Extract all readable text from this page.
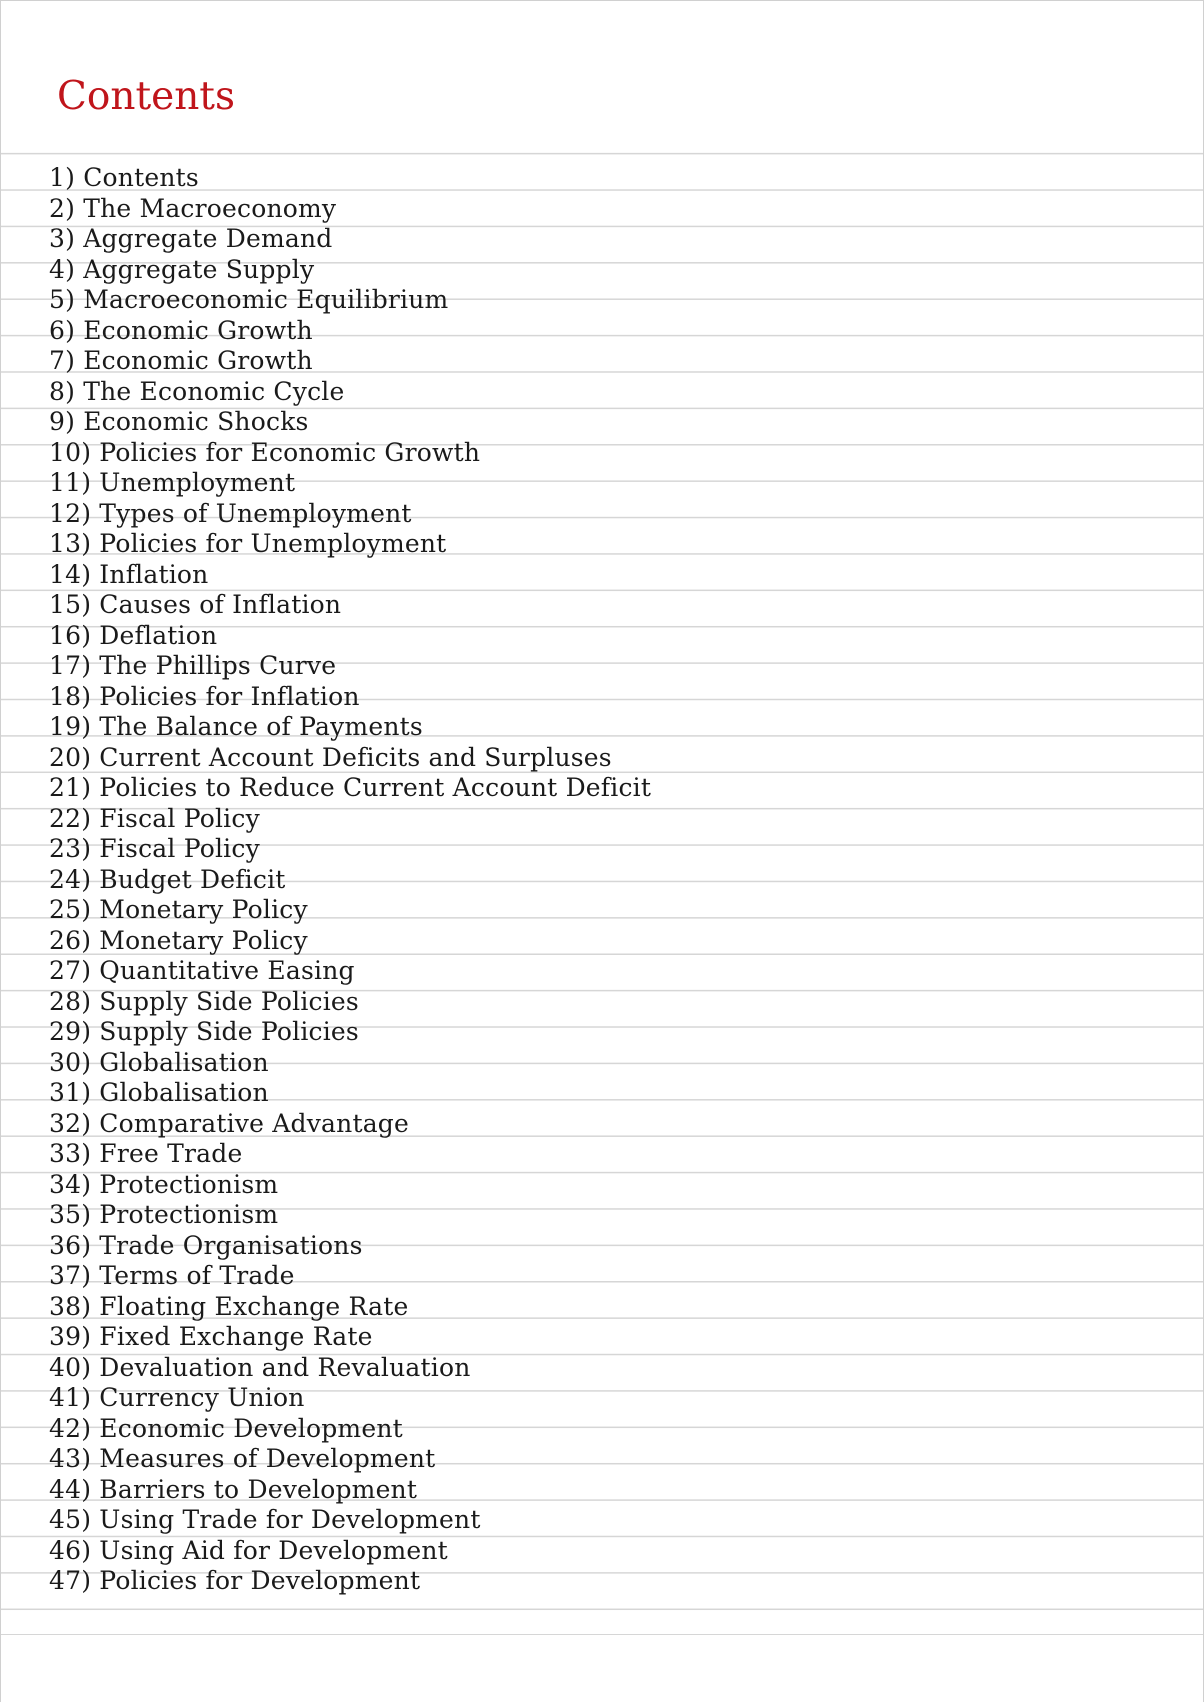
Contents
1) Contents
2) The Macroeconomy
3) Aggregate Demand
4) Aggregate Supply
5) Macroeconomic Equilibrium
6) Economic Growth
7) Economic Growth
8) The Economic Cycle
9) Economic Shocks
10) Policies for Economic Growth
11) Unemployment
12) Types of Unemployment
13) Policies for Unemployment
14) Inflation
15) Causes of Inflation
16) Deflation
17) The Phillips Curve
18) Policies for Inflation
19) The Balance of Payments
20) Current Account Deficits and Surpluses
21) Policies to Reduce Current Account Deficit
22) Fiscal Policy
23) Fiscal Policy
24) Budget Deficit
25) Monetary Policy
26) Monetary Policy
27) Quantitative Easing
28) Supply Side Policies
29) Supply Side Policies
30) Globalisation
31) Globalisation
32) Comparative Advantage
33) Free Trade
34) Protectionism
35) Protectionism
36) Trade Organisations
37) Terms of Trade
38) Floating Exchange Rate
39) Fixed Exchange Rate
40) Devaluation and Revaluation
41) Currency Union
42) Economic Development
43) Measures of Development
44) Barriers to Development
45) Using Trade for Development
46) Using Aid for Development
47) Policies for Development
